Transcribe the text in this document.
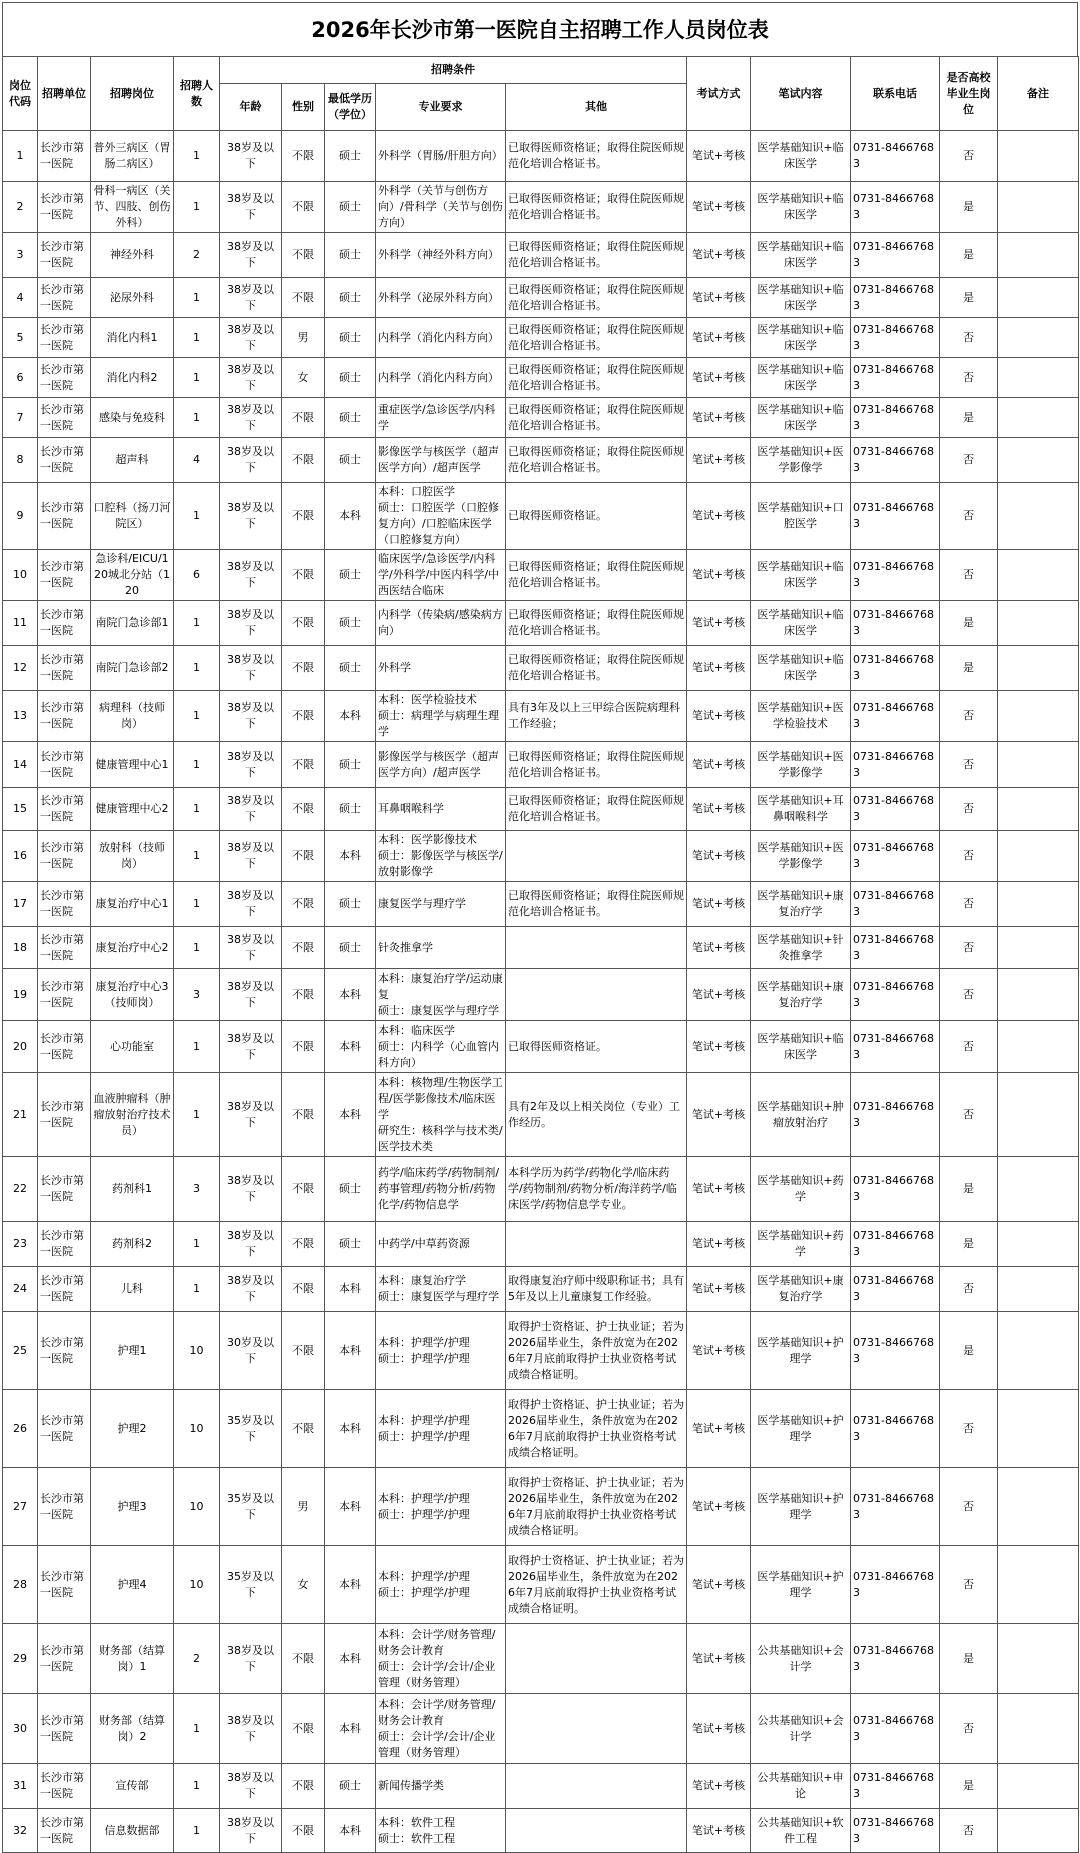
2026年长沙市第一医院自主招聘工作人员岗位表
岗位代码	招聘单位	招聘岗位	招聘人数	招聘条件					考试方式	笔试内容	联系电话	是否高校毕业生岗位	备注
				年龄	性别	最低学历（学位）	专业要求	其他					
1	长沙市第一医院	普外三病区（胃肠二病区）	1	38岁及以下	不限	硕士	外科学（胃肠/肝胆方向）	已取得医师资格证；取得住院医师规范化培训合格证书。	笔试+考核	医学基础知识+临床医学	0731-84667683	否	
2	长沙市第一医院	骨科一病区（关节、四肢、创伤外科）	1	38岁及以下	不限	硕士	外科学（关节与创伤方向）/骨科学（关节与创伤方向）	已取得医师资格证；取得住院医师规范化培训合格证书。	笔试+考核	医学基础知识+临床医学	0731-84667683	是	
3	长沙市第一医院	神经外科	2	38岁及以下	不限	硕士	外科学（神经外科方向）	已取得医师资格证；取得住院医师规范化培训合格证书。	笔试+考核	医学基础知识+临床医学	0731-84667683	是	
4	长沙市第一医院	泌尿外科	1	38岁及以下	不限	硕士	外科学（泌尿外科方向）	已取得医师资格证；取得住院医师规范化培训合格证书。	笔试+考核	医学基础知识+临床医学	0731-84667683	是	
5	长沙市第一医院	消化内科1	1	38岁及以下	男	硕士	内科学（消化内科方向）	已取得医师资格证；取得住院医师规范化培训合格证书。	笔试+考核	医学基础知识+临床医学	0731-84667683	否	
6	长沙市第一医院	消化内科2	1	38岁及以下	女	硕士	内科学（消化内科方向）	已取得医师资格证；取得住院医师规范化培训合格证书。	笔试+考核	医学基础知识+临床医学	0731-84667683	否	
7	长沙市第一医院	感染与免疫科	1	38岁及以下	不限	硕士	重症医学/急诊医学/内科学	已取得医师资格证；取得住院医师规范化培训合格证书。	笔试+考核	医学基础知识+临床医学	0731-84667683	是	
8	长沙市第一医院	超声科	4	38岁及以下	不限	硕士	影像医学与核医学（超声医学方向）/超声医学	已取得医师资格证；取得住院医师规范化培训合格证书。	笔试+考核	医学基础知识+医学影像学	0731-84667683	否	
9	长沙市第一医院	口腔科（扬刀河院区）	1	38岁及以下	不限	本科	本科：口腔医学
硕士：口腔医学（口腔修复方向）/口腔临床医学（口腔修复方向）	已取得医师资格证。	笔试+考核	医学基础知识+口腔医学	0731-84667683	否	
10	长沙市第一医院	急诊科/EICU/120城北分站（120	6	38岁及以下	不限	硕士	临床医学/急诊医学/内科学/外科学/中医内科学/中西医结合临床	已取得医师资格证；取得住院医师规范化培训合格证书。	笔试+考核	医学基础知识+临床医学	0731-84667683	否	
11	长沙市第一医院	南院门急诊部1	1	38岁及以下	不限	硕士	内科学（传染病/感染病方向）	已取得医师资格证；取得住院医师规范化培训合格证书。	笔试+考核	医学基础知识+临床医学	0731-84667683	是	
12	长沙市第一医院	南院门急诊部2	1	38岁及以下	不限	硕士	外科学	已取得医师资格证；取得住院医师规范化培训合格证书。	笔试+考核	医学基础知识+临床医学	0731-84667683	是	
13	长沙市第一医院	病理科（技师岗）	1	38岁及以下	不限	本科	本科：医学检验技术
硕士：病理学与病理生理学	具有3年及以上三甲综合医院病理科工作经验；	笔试+考核	医学基础知识+医学检验技术	0731-84667683	否	
14	长沙市第一医院	健康管理中心1	1	38岁及以下	不限	硕士	影像医学与核医学（超声医学方向）/超声医学	已取得医师资格证；取得住院医师规范化培训合格证书。	笔试+考核	医学基础知识+医学影像学	0731-84667683	否	
15	长沙市第一医院	健康管理中心2	1	38岁及以下	不限	硕士	耳鼻咽喉科学	已取得医师资格证；取得住院医师规范化培训合格证书。	笔试+考核	医学基础知识+耳鼻咽喉科学	0731-84667683	否	
16	长沙市第一医院	放射科（技师岗）	1	38岁及以下	不限	本科	本科：医学影像技术
硕士：影像医学与核医学/放射影像学		笔试+考核	医学基础知识+医学影像学	0731-84667683	否	
17	长沙市第一医院	康复治疗中心1	1	38岁及以下	不限	硕士	康复医学与理疗学	已取得医师资格证；取得住院医师规范化培训合格证书。	笔试+考核	医学基础知识+康复治疗学	0731-84667683	否	
18	长沙市第一医院	康复治疗中心2	1	38岁及以下	不限	硕士	针灸推拿学		笔试+考核	医学基础知识+针灸推拿学	0731-84667683	否	
19	长沙市第一医院	康复治疗中心3（技师岗）	3	38岁及以下	不限	本科	本科：康复治疗学/运动康复
硕士：康复医学与理疗学		笔试+考核	医学基础知识+康复治疗学	0731-84667683	否	
20	长沙市第一医院	心功能室	1	38岁及以下	不限	本科	本科：临床医学
硕士：内科学（心血管内科方向）	已取得医师资格证。	笔试+考核	医学基础知识+临床医学	0731-84667683	否	
21	长沙市第一医院	血液肿瘤科（肿瘤放射治疗技术员）	1	38岁及以下	不限	本科	本科：核物理/生物医学工程/医学影像技术/临床医学
研究生：核科学与技术类/医学技术类	具有2年及以上相关岗位（专业）工作经历。	笔试+考核	医学基础知识+肿瘤放射治疗	0731-84667683	否	
22	长沙市第一医院	药剂科1	3	38岁及以下	不限	硕士	药学/临床药学/药物制剂/药事管理/药物分析/药物化学/药物信息学	本科学历为药学/药物化学/临床药学/药物制剂/药物分析/海洋药学/临床医学/药物信息学专业。	笔试+考核	医学基础知识+药学	0731-84667683	是	
23	长沙市第一医院	药剂科2	1	38岁及以下	不限	硕士	中药学/中草药资源		笔试+考核	医学基础知识+药学	0731-84667683	是	
24	长沙市第一医院	儿科	1	38岁及以下	不限	本科	本科：康复治疗学
硕士：康复医学与理疗学	取得康复治疗师中级职称证书；具有5年及以上儿童康复工作经验。	笔试+考核	医学基础知识+康复治疗学	0731-84667683	否	
25	长沙市第一医院	护理1	10	30岁及以下	不限	本科	本科：护理学/护理
硕士：护理学/护理	取得护士资格证、护士执业证；若为2026届毕业生，条件放宽为在2026年7月底前取得护士执业资格考试成绩合格证明。	笔试+考核	医学基础知识+护理学	0731-84667683	是	
26	长沙市第一医院	护理2	10	35岁及以下	不限	本科	本科：护理学/护理
硕士：护理学/护理	取得护士资格证、护士执业证；若为2026届毕业生，条件放宽为在2026年7月底前取得护士执业资格考试成绩合格证明。	笔试+考核	医学基础知识+护理学	0731-84667683	否	
27	长沙市第一医院	护理3	10	35岁及以下	男	本科	本科：护理学/护理
硕士：护理学/护理	取得护士资格证、护士执业证；若为2026届毕业生，条件放宽为在2026年7月底前取得护士执业资格考试成绩合格证明。	笔试+考核	医学基础知识+护理学	0731-84667683	否	
28	长沙市第一医院	护理4	10	35岁及以下	女	本科	本科：护理学/护理
硕士：护理学/护理	取得护士资格证、护士执业证；若为2026届毕业生，条件放宽为在2026年7月底前取得护士执业资格考试成绩合格证明。	笔试+考核	医学基础知识+护理学	0731-84667683	否	
29	长沙市第一医院	财务部（结算岗）1	2	38岁及以下	不限	本科	本科：会计学/财务管理/财务会计教育
硕士：会计学/会计/企业管理（财务管理）		笔试+考核	公共基础知识+会计学	0731-84667683	是	
30	长沙市第一医院	财务部（结算岗）2	1	38岁及以下	不限	本科	本科：会计学/财务管理/财务会计教育
硕士：会计学/会计/企业管理（财务管理）		笔试+考核	公共基础知识+会计学	0731-84667683	否	
31	长沙市第一医院	宣传部	1	38岁及以下	不限	硕士	新闻传播学类		笔试+考核	公共基础知识+申论	0731-84667683	是	
32	长沙市第一医院	信息数据部	1	38岁及以下	不限	本科	本科：软件工程
硕士：软件工程		笔试+考核	公共基础知识+软件工程	0731-84667683	否	
